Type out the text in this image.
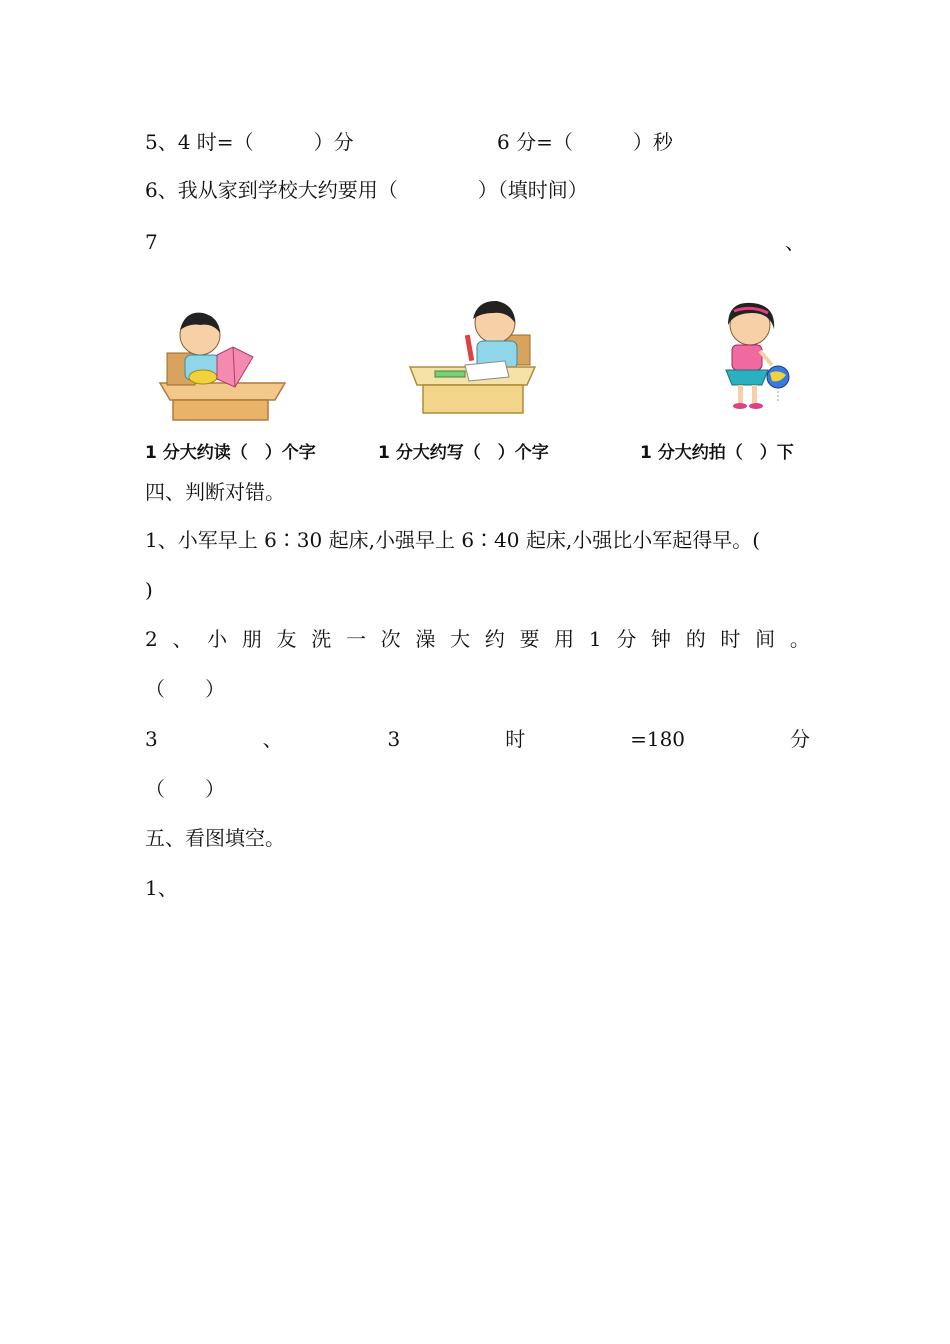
5、4 时=（　　　）分	6 分=（　　　）秒
6、我从家到学校大约要用（　　　　）（填时间）
7	、
1 分大约读（　）个字	1 分大约写（　）个字	1 分大约拍（　）下
四、判断对错。
1、小军早上 6∶30 起床,小强早上 6∶40 起床,小强比小军起得早。(
)
2 、 小 朋 友 洗 一 次 澡 大 约 要 用 1 分 钟 的 时 间 。
（　　）
3	、	3	时	=180	分
（　　）
五、看图填空。
1、
